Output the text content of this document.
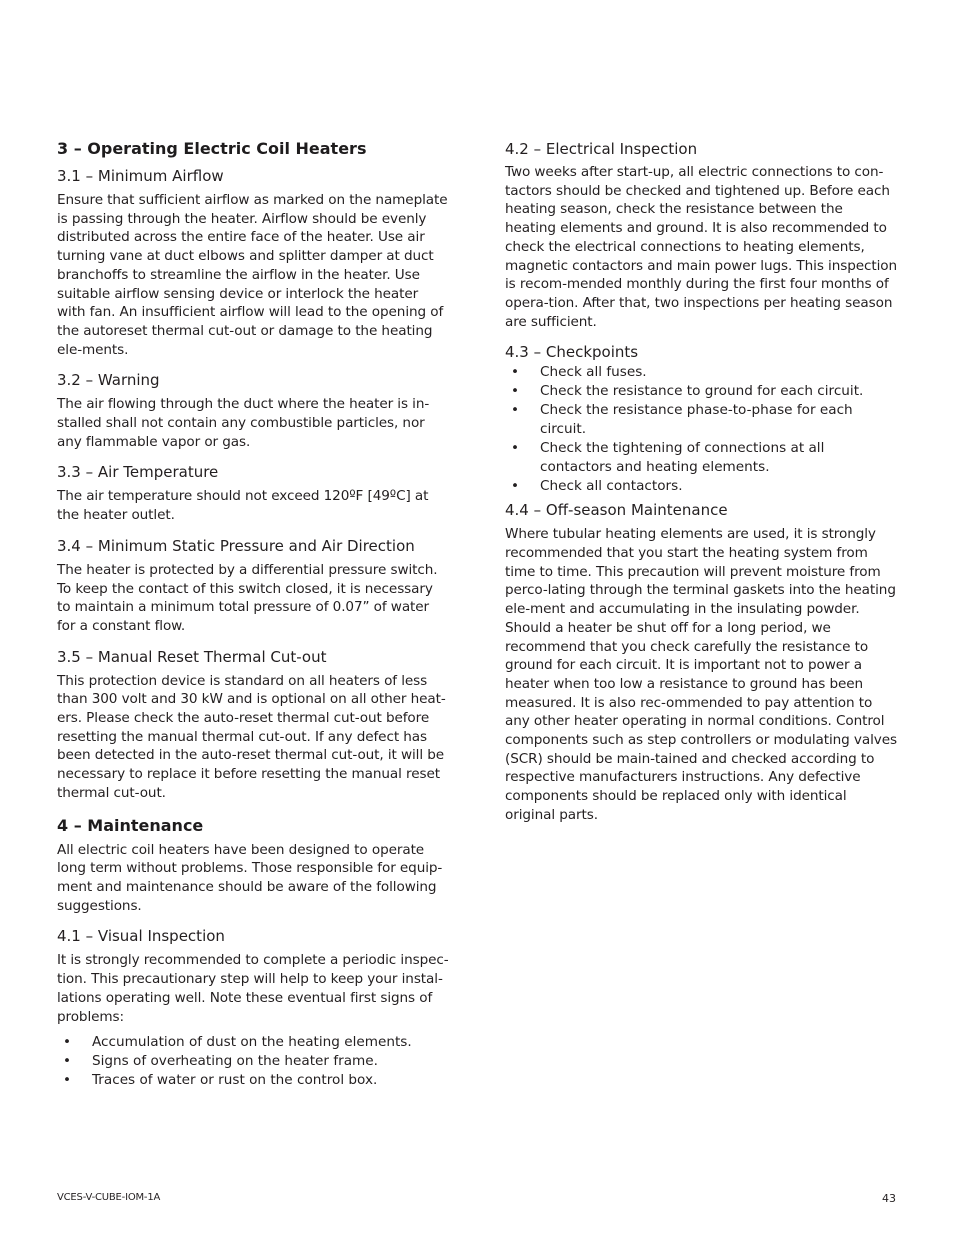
3 – Operating Electric Coil Heaters
3.1 – Minimum Airflow

Ensure that sufficient airflow as marked on the nameplate is passing through the heater. Airflow should be evenly distributed across the entire face of the heater. Use air turning vane at duct elbows and splitter damper at duct branchoffs to streamline the airflow in the heater. Use suitable airflow sensing device or interlock the heater with fan. An insufficient airflow will lead to the opening of the autoreset thermal cut-out or damage to the heating ele-ments.

3.2 – Warning

The air flowing through the duct where the heater is in-stalled shall not contain any combustible particles, nor any flammable vapor or gas.

3.3 – Air Temperature

The air temperature should not exceed 120ºF [49ºC] at the heater outlet.

3.4 – Minimum Static Pressure and Air Direction

The heater is protected by a differential pressure switch. To keep the contact of this switch closed, it is necessary to maintain a minimum total pressure of 0.07” of water for a constant flow.

3.5 – Manual Reset Thermal Cut-out

This protection device is standard on all heaters of less than 300 volt and 30 kW and is optional on all other heat-ers. Please check the auto-reset thermal cut-out before resetting the manual thermal cut-out. If any defect has been detected in the auto-reset thermal cut-out, it will be necessary to replace it before resetting the manual reset thermal cut-out.

4 – Maintenance

All electric coil heaters have been designed to operate long term without problems. Those responsible for equip-ment and maintenance should be aware of the following suggestions.

4.1 – Visual Inspection

It is strongly recommended to complete a periodic inspec-tion. This precautionary step will help to keep your instal-lations operating well. Note these eventual first signs of problems:

• Accumulation of dust on the heating elements.
• Signs of overheating on the heater frame.
• Traces of water or rust on the control box.
4.2 – Electrical Inspection

Two weeks after start-up, all electric connections to con-tactors should be checked and tightened up. Before each heating season, check the resistance between the heating elements and ground. It is also recommended to check the electrical connections to heating elements, magnetic contactors and main power lugs. This inspection is recom-mended monthly during the first four months of opera-tion. After that, two inspections per heating season are sufficient.

4.3 – Checkpoints
• Check all fuses.
• Check the resistance to ground for each circuit.
• Check the resistance phase-to-phase for each circuit.
• Check the tightening of connections at all contactors and heating elements.
• Check all contactors.
4.4 – Off-season Maintenance

Where tubular heating elements are used, it is strongly recommended that you start the heating system from time to time. This precaution will prevent moisture from perco-lating through the terminal gaskets into the heating ele-ment and accumulating in the insulating powder. Should a heater be shut off for a long period, we recommend that you check carefully the resistance to ground for each circuit. It is important not to power a heater when too low a resistance to ground has been measured. It is also rec-ommended to pay attention to any other heater operating in normal conditions. Control components such as step controllers or modulating valves (SCR) should be main-tained and checked according to respective manufacturers instructions. Any defective components should be replaced only with identical original parts.

VCES-V-CUBE-IOM-1A	43
